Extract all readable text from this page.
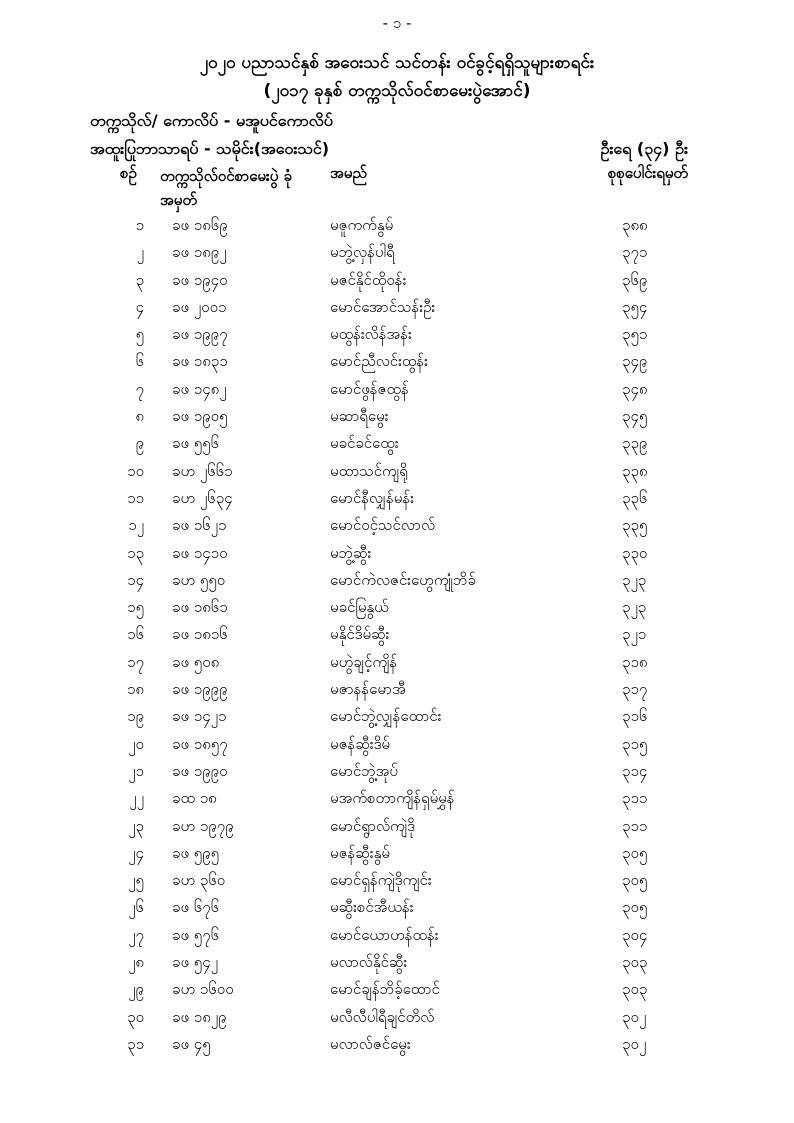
- ၁ -
၂၀၂၀ ပညာသင်နှစ် အဝေးသင် သင်တန်း ဝင်ခွင့်ရရှိသူများစာရင်း
(၂၀၁၇ ခုနှစ် တက္ကသိုလ်ဝင်စာမေးပွဲအောင်)
တက္ကသိုလ်/ ကောလိပ် - မအူပင်ကောလိပ်
အထူးပြုဘာသာရပ် - သမိုင်း(အဝေးသင်)	ဦးရေ (၃၄) ဦး
စဉ် တက္ကသိုလ်ဝင်စာမေးပွဲ ခုံအမှတ်
အမည်	စုစုပေါင်းရမှတ်
၁ ခဖ ၁၈၆၉	မဇူကက်နွမ်	၃၈၈
၂ ခဖ ၁၈၉၂	မဘွဲ့လှန်ပါရီ	၃၇၁
၃ ခဖ ၁၉၄၀	မဇင်နိုင်ထိုဝန်း	၃၆၉
၄ ခဖ ၂၀၀၁	မောင်အောင်သန်းဦး	၃၅၄
၅ ခဖ ၁၉၉၇	မထွန်းလိန်အန်း	၃၅၁
၆ ခဖ ၁၈၃၁	မောင်ညီလင်းထွန်း	၃၄၉
၇ ခဖ ၁၄၈၂	မောင်ဖွန်ဇထွန်	၃၄၈
၈ ခဖ ၁၉၀၅	မဆာရီမွေး	၃၄၅
၉ ခဖ ၅၅၆	မခင်ခင်ထွေး	၃၃၉
၁၀ ခဟ ၂၆၆၁	မထာသင်ကျရို	၃၃၈
၁၁ ခဟ ၂၆၃၄	မောင်နီလျှန်မန်း	၃၃၆
၁၂ ခဖ ၁၆၂၁	မောင်ဝင့်သင်လာလ်	၃၃၅
၁၃ ခဖ ၁၄၁၀	မဘွဲ့ဆွီး	၃၃၀
၁၄ ခဟ ၅၅၀	မောင်ကဲလဇင်းဟွေကျုံဘိခ်	၃၂၃
၁၅ ခဖ ၁၈၆၁	မခင်မြနွယ်	၃၂၃
၁၆ ခဖ ၁၈၁၆	မနိုင်ဒိမ်ဆွီး	၃၂၁
၁၇ ခဖ ၅၀၈	မဟွဲချင့်ကျိန်	၃၁၈
၁၈ ခဖ ၁၉၉၉	မဇာနန်မောအီ	၃၁၇
၁၉ ခဖ ၁၄၂၁	မောင်ဘွဲ့လျှန်ထောင်း	၃၁၆
၂၀ ခဖ ၁၈၅၇	မဇန်ဆွီးဒိမ်	၃၁၅
၂၁ ခဖ ၁၉၉၀	မောင်ဘွဲ့အုပ်	၃၁၄
၂၂ ခထ ၁၈	မအက်စတာကျိန်ရှမ်မွှန်	၃၁၁
၂၃ ခဟ ၁၉၇၉	မောင်ရွာလ်ကျဲဒို	၃၁၁
၂၄ ခဖ ၅၉၅	မဇန်ဆွီးနွမ်	၃၀၅
၂၅ ခဟ ၃၆၀	မောင်ရှန်ကျဲဒိုကျင်း	၃၀၅
၂၆ ခဖ ၆၇၆	မဆွီးစင်အီယန်း	၃၀၅
၂၇ ခဖ ၅၇၆	မောင်ယောဟန်ထန်း	၃၀၄
၂၈ ခဖ ၅၄၂	မလာလ်နိုင်ဆွီး	၃၀၃
၂၉ ခဟ ၁၆၀၀	မောင်ချန်ဘိခ့်ထောင်	၃၀၃
၃၀ ခဖ ၁၈၂၉	မလီလီပါရီချင်တိလ်	၃၀၂
၃၁ ခဖ ၄၅	မလာလ်ဇင်မွေး	၃၀၂
